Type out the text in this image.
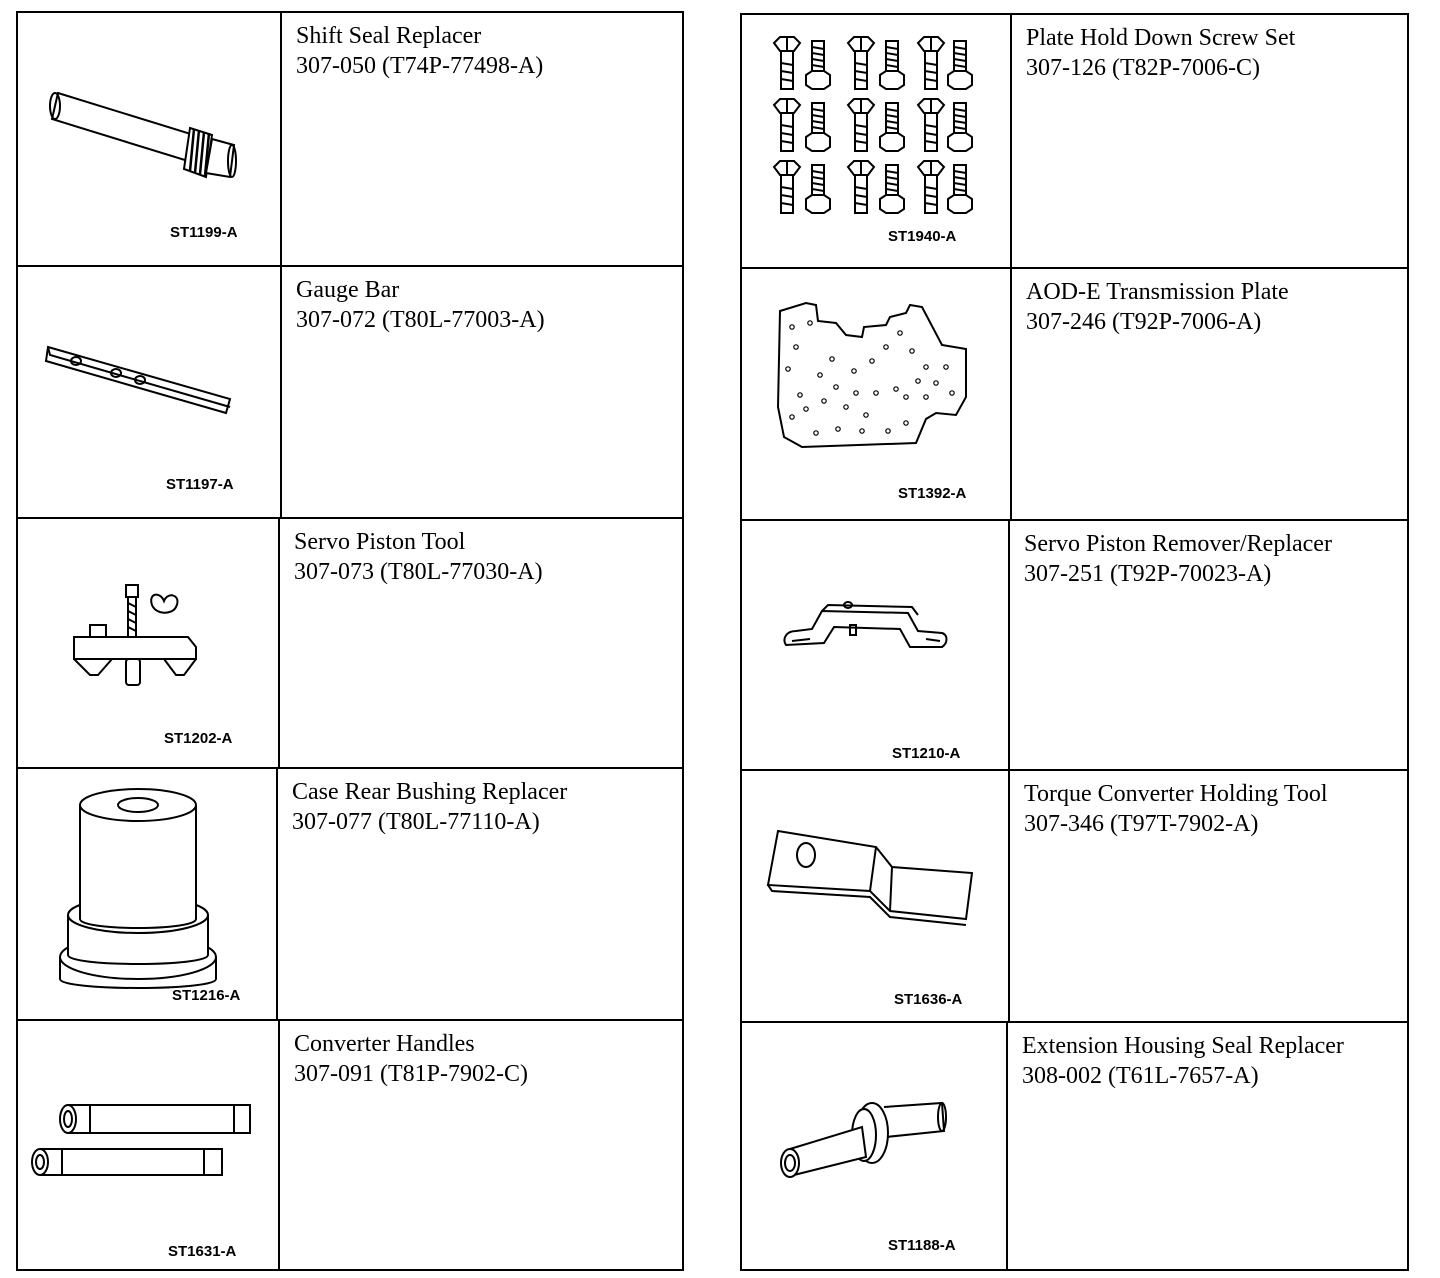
ST1199-A

Shift Seal Replacer

307-050 (T74P-77498-A)

ST1197-A

Gauge Bar

307-072 (T80L-77003-A)

ST1202-A

Servo Piston Tool

307-073 (T80L-77030-A)

ST1216-A

Case Rear Bushing Replacer

307-077 (T80L-77110-A)

ST1631-A

Converter Handles

307-091 (T81P-7902-C)

ST1940-A

Plate Hold Down Screw Set

307-126 (T82P-7006-C)

ST1392-A

AOD-E Transmission Plate

307-246 (T92P-7006-A)

ST1210-A

Servo Piston Remover/Replacer

307-251 (T92P-70023-A)

ST1636-A

Torque Converter Holding Tool

307-346 (T97T-7902-A)

ST1188-A

Extension Housing Seal Replacer

308-002 (T61L-7657-A)
